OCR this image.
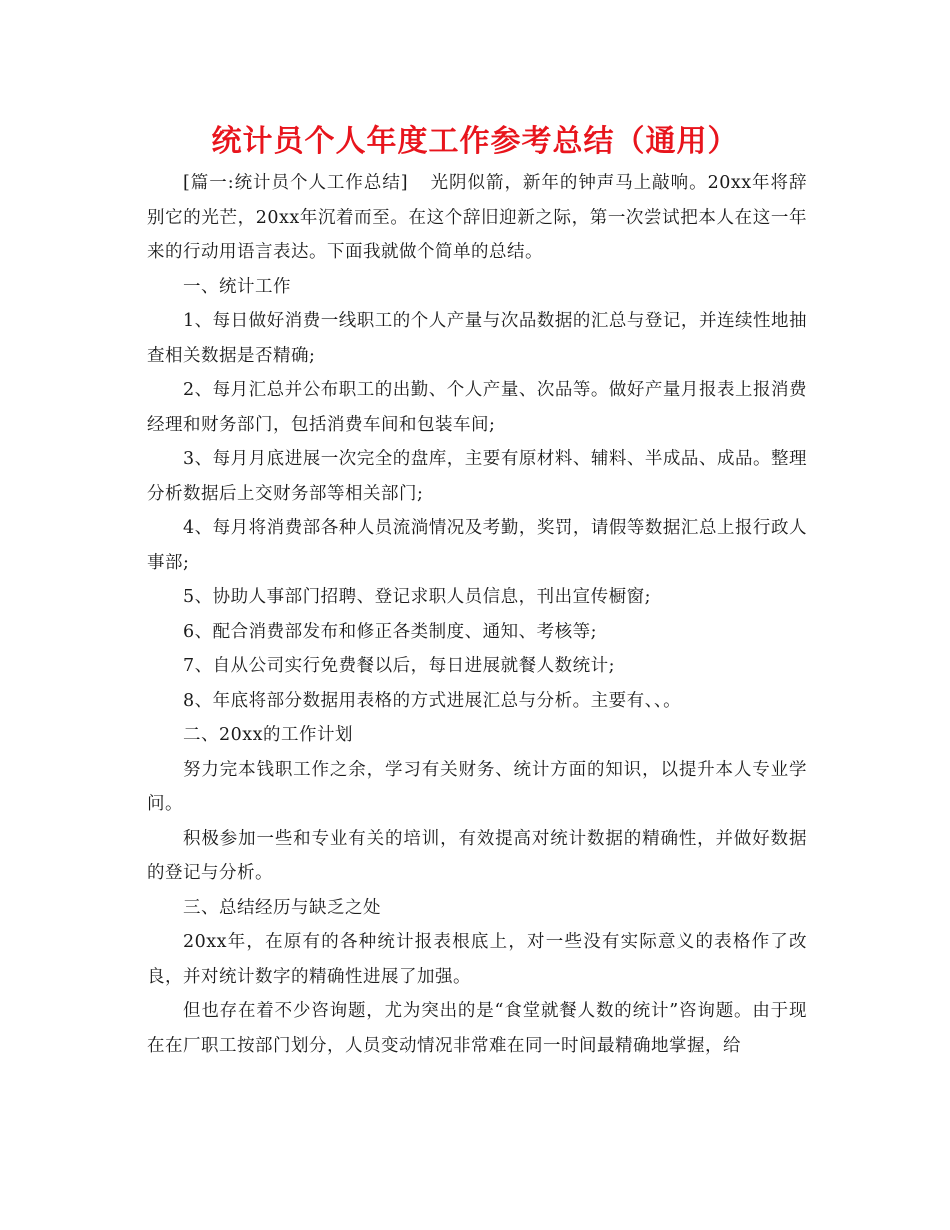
统计员个人年度工作参考总结（通用）

[篇一:统计员个人工作总结] 光阴似箭，新年的钟声马上敲响。20xx年将辞别它的光芒，20xx年沉着而至。在这个辞旧迎新之际，第一次尝试把本人在这一年来的行动用语言表达。下面我就做个简单的总结。

一、统计工作

1、每日做好消费一线职工的个人产量与次品数据的汇总与登记，并连续性地抽查相关数据是否精确;

2、每月汇总并公布职工的出勤、个人产量、次品等。做好产量月报表上报消费经理和财务部门，包括消费车间和包装车间;

3、每月月底进展一次完全的盘库，主要有原材料、辅料、半成品、成品。整理分析数据后上交财务部等相关部门;

4、每月将消费部各种人员流淌情况及考勤，奖罚，请假等数据汇总上报行政人事部;

5、协助人事部门招聘、登记求职人员信息，刊出宣传橱窗;

6、配合消费部发布和修正各类制度、通知、考核等;

7、自从公司实行免费餐以后，每日进展就餐人数统计;

8、年底将部分数据用表格的方式进展汇总与分析。主要有、、。

二、20xx的工作计划

努力完本钱职工作之余，学习有关财务、统计方面的知识，以提升本人专业学问。

积极参加一些和专业有关的培训，有效提高对统计数据的精确性，并做好数据的登记与分析。

三、总结经历与缺乏之处

20xx年，在原有的各种统计报表根底上，对一些没有实际意义的表格作了改良，并对统计数字的精确性进展了加强。

但也存在着不少咨询题，尤为突出的是“食堂就餐人数的统计”咨询题。由于现在在厂职工按部门划分，人员变动情况非常难在同一时间最精确地掌握，给
